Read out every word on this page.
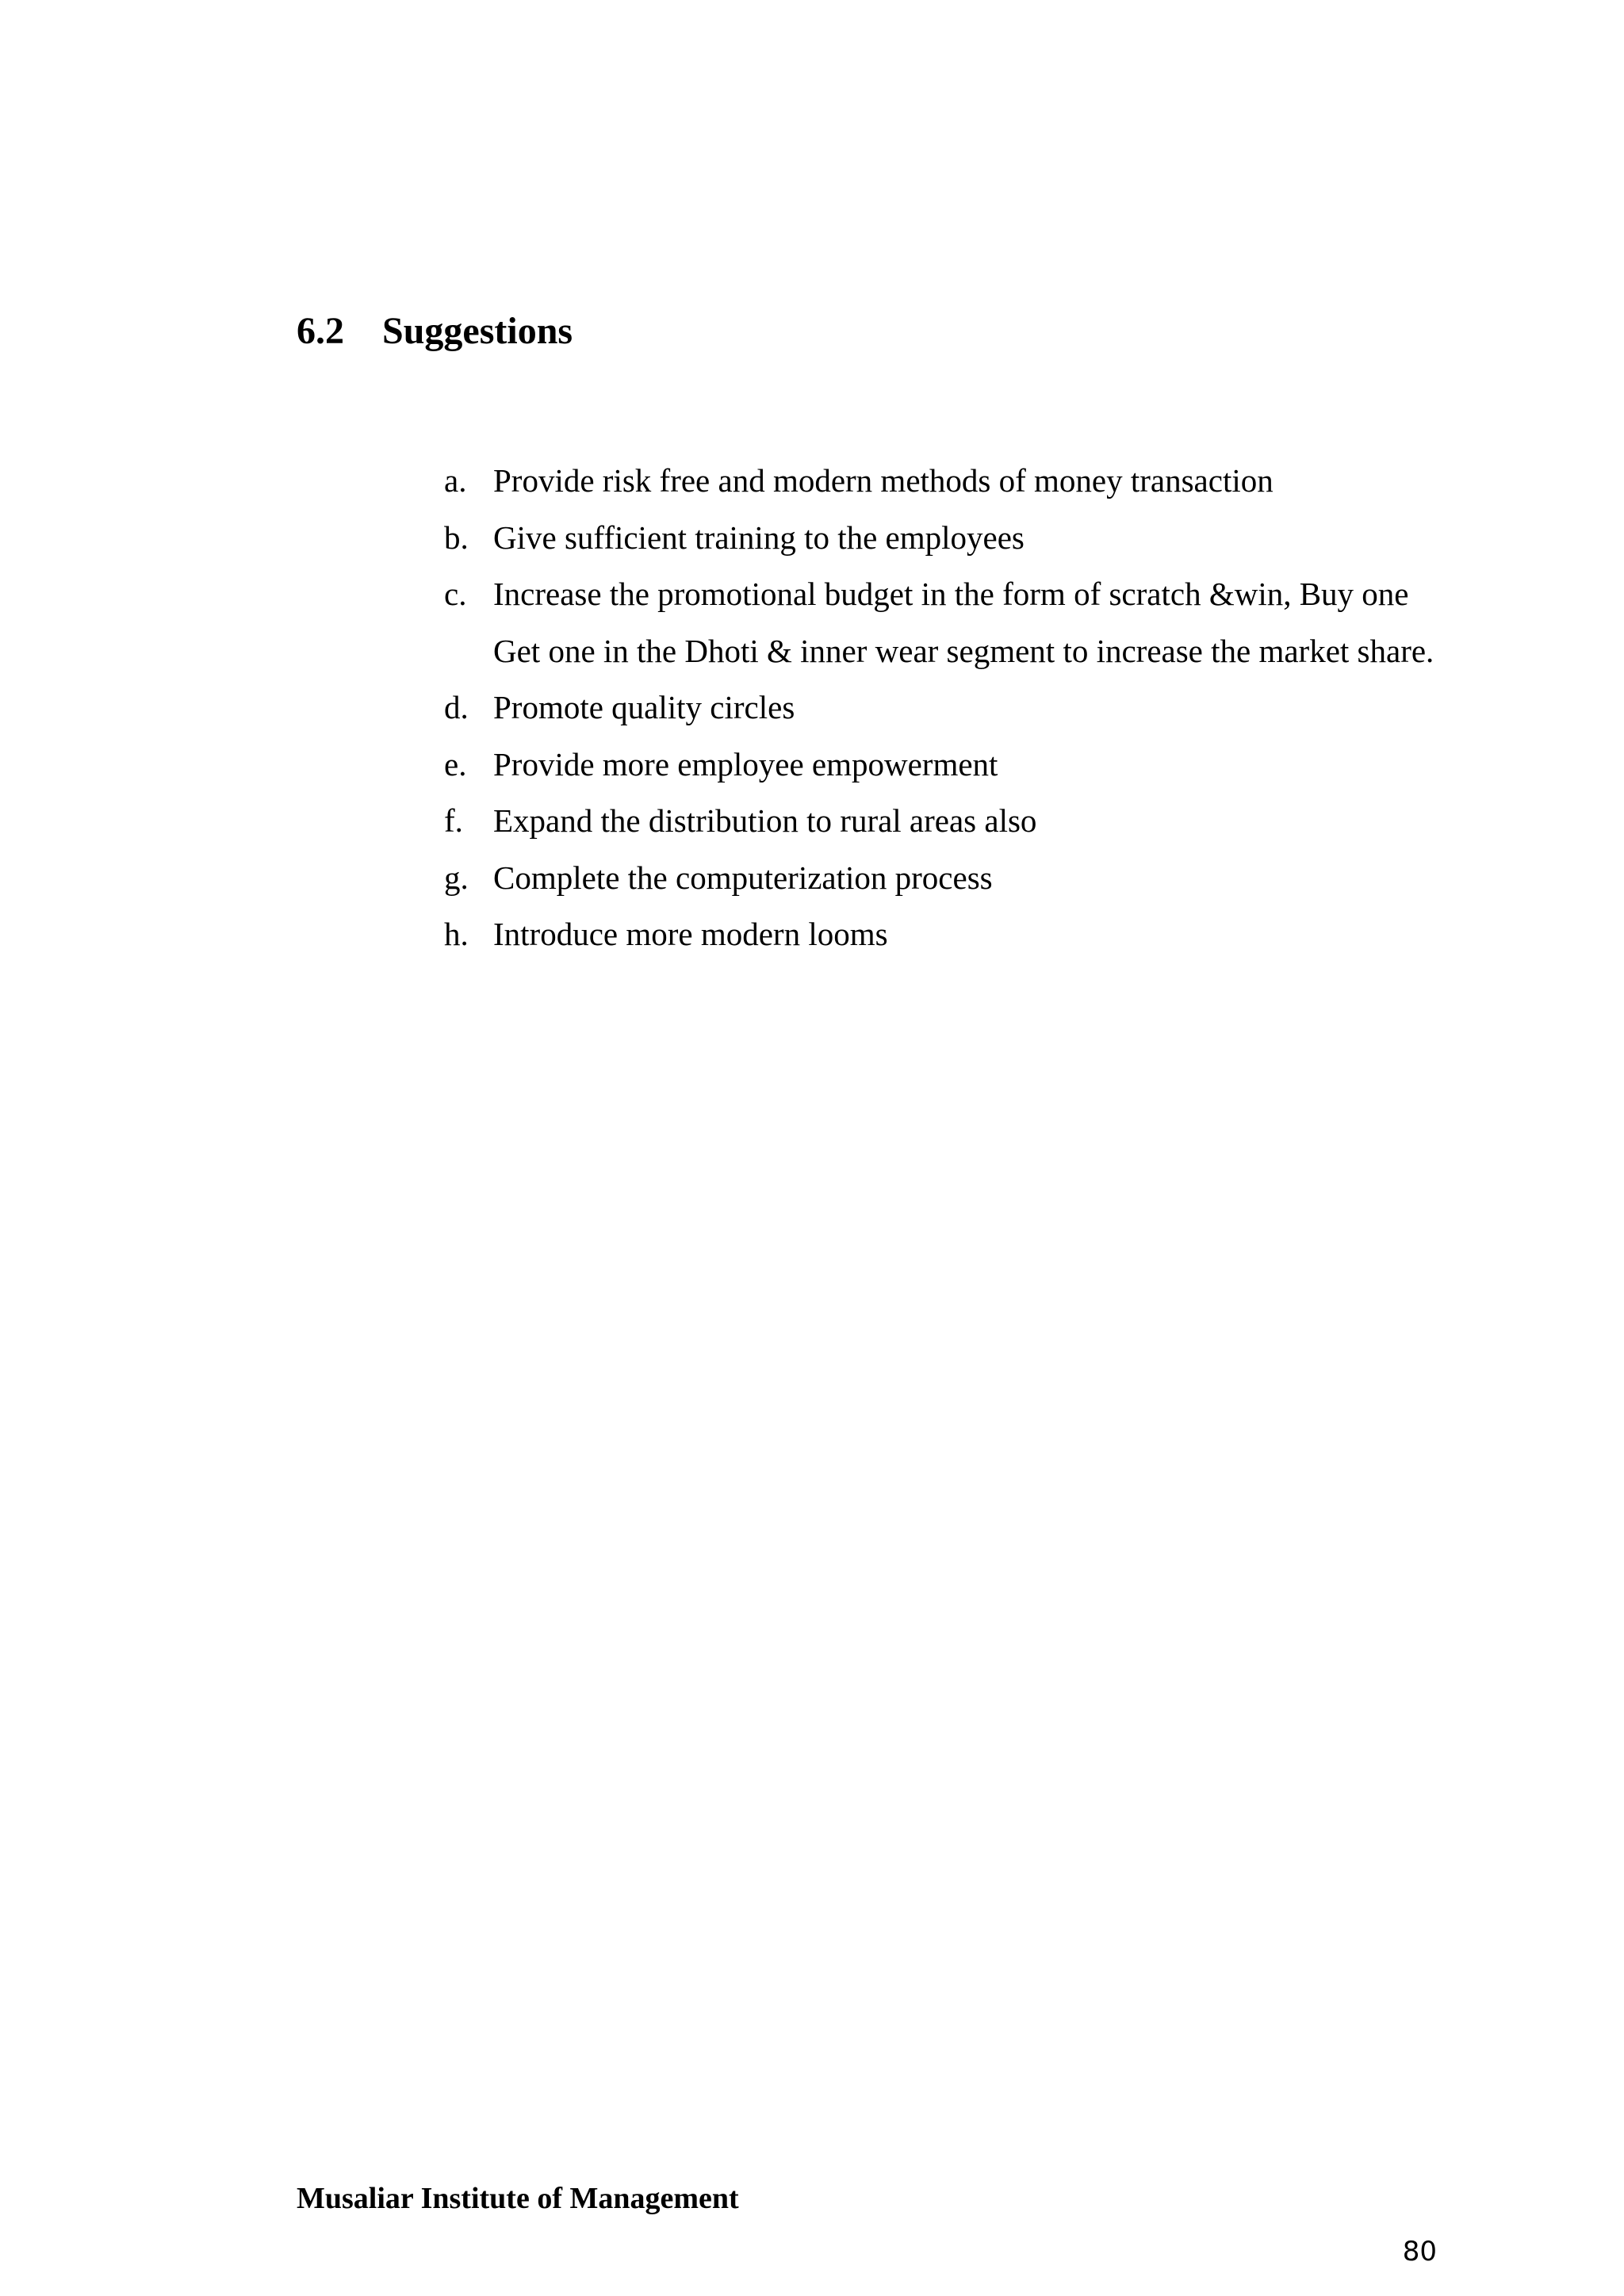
6.2 Suggestions
a. Provide risk free and modern methods of money transaction
b. Give sufficient training to the employees
c. Increase the promotional budget in the form of scratch &win, Buy one Get one in the Dhoti & inner wear segment to increase the market share.
d. Promote quality circles
e. Provide more employee empowerment
f. Expand the distribution to rural areas also
g. Complete the computerization process
h. Introduce more modern looms
Musaliar Institute of Management
80
